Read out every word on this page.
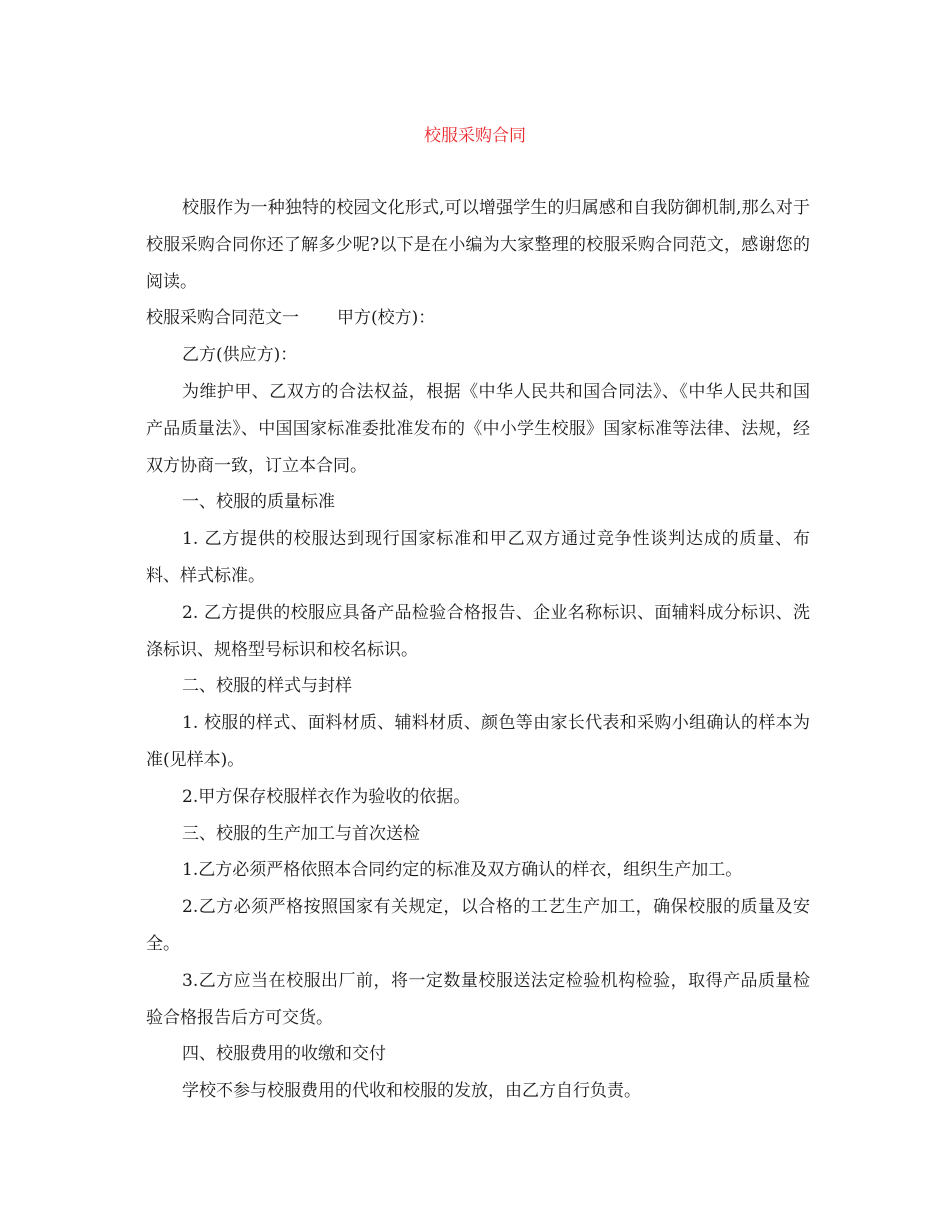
校服采购合同

校服作为一种独特的校园文化形式,可以增强学生的归属感和自我防御机制,那么对于校服采购合同你还了解多少呢?以下是在小编为大家整理的校服采购合同范文，感谢您的阅读。

校服采购合同范文一 甲方(校方)：

乙方(供应方)：

为维护甲、乙双方的合法权益，根据《中华人民共和国合同法》、《中华人民共和国产品质量法》、中国国家标准委批准发布的《中小学生校服》国家标准等法律、法规，经双方协商一致，订立本合同。

一、校服的质量标准

1. 乙方提供的校服达到现行国家标准和甲乙双方通过竞争性谈判达成的质量、布料、样式标准。

2. 乙方提供的校服应具备产品检验合格报告、企业名称标识、面辅料成分标识、洗涤标识、规格型号标识和校名标识。

二、校服的样式与封样

1. 校服的样式、面料材质、辅料材质、颜色等由家长代表和采购小组确认的样本为准(见样本)。

2.甲方保存校服样衣作为验收的依据。

三、校服的生产加工与首次送检

1.乙方必须严格依照本合同约定的标准及双方确认的样衣，组织生产加工。

2.乙方必须严格按照国家有关规定，以合格的工艺生产加工，确保校服的质量及安全。

3.乙方应当在校服出厂前，将一定数量校服送法定检验机构检验，取得产品质量检验合格报告后方可交货。

四、校服费用的收缴和交付

学校不参与校服费用的代收和校服的发放，由乙方自行负责。
